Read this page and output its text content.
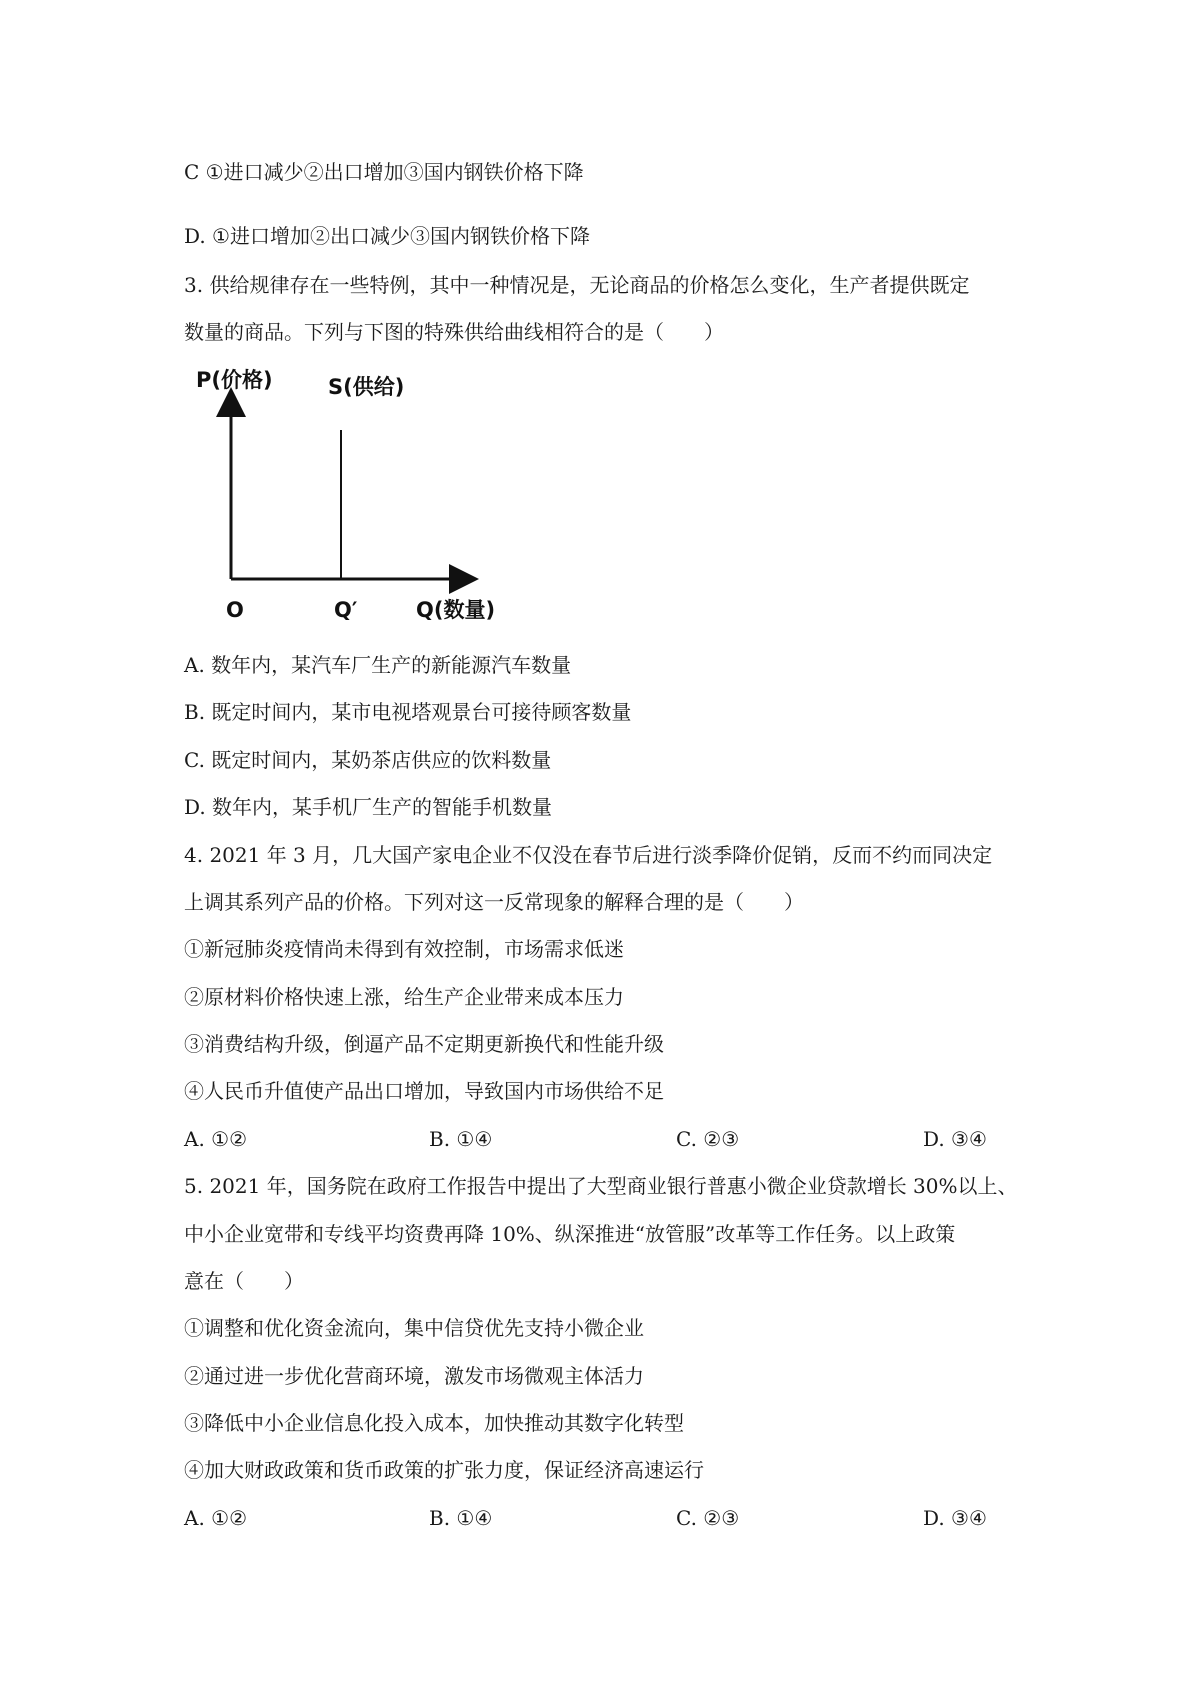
C ①进口减少②出口增加③国内钢铁价格下降
D. ①进口增加②出口减少③国内钢铁价格下降
3. 供给规律存在一些特例，其中一种情况是，无论商品的价格怎么变化，生产者提供既定
数量的商品。下列与下图的特殊供给曲线相符合的是（　　）
P(价格)	S(供给)
O	Q′	Q(数量)
A. 数年内，某汽车厂生产的新能源汽车数量
B. 既定时间内，某市电视塔观景台可接待顾客数量
C. 既定时间内，某奶茶店供应的饮料数量
D. 数年内，某手机厂生产的智能手机数量
4. 2021 年 3 月，几大国产家电企业不仅没在春节后进行淡季降价促销，反而不约而同决定
上调其系列产品的价格。下列对这一反常现象的解释合理的是（　　）
①新冠肺炎疫情尚未得到有效控制，市场需求低迷
②原材料价格快速上涨，给生产企业带来成本压力
③消费结构升级，倒逼产品不定期更新换代和性能升级
④人民币升值使产品出口增加，导致国内市场供给不足
A. ①②	B. ①④	C. ②③	D. ③④
5. 2021 年，国务院在政府工作报告中提出了大型商业银行普惠小微企业贷款增长 30%以上、
中小企业宽带和专线平均资费再降 10%、纵深推进“放管服”改革等工作任务。以上政策
意在（　　）
①调整和优化资金流向，集中信贷优先支持小微企业
②通过进一步优化营商环境，激发市场微观主体活力
③降低中小企业信息化投入成本，加快推动其数字化转型
④加大财政政策和货币政策的扩张力度，保证经济高速运行
A. ①②	B. ①④	C. ②③	D. ③④
